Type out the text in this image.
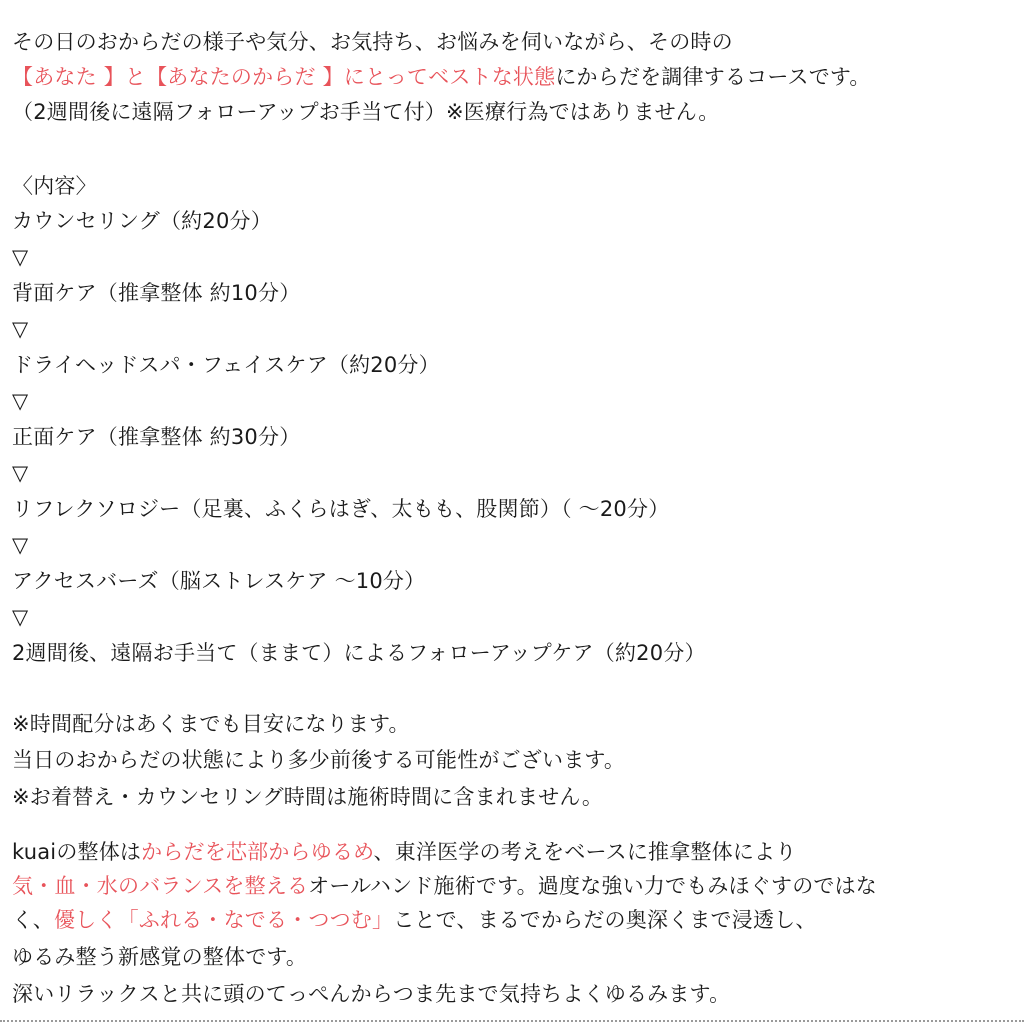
その日のおからだの様子や気分、お気持ち、お悩みを伺いながら、その時の
【あなた 】と【あなたのからだ 】にとってベストな状態にからだを調律するコースです。
（2週間後に遠隔フォローアップお手当て付）※医療行為ではありません。
〈内容〉
カウンセリング（約20分）
▽
背面ケア（推拿整体 約10分）
▽
ドライヘッドスパ・フェイスケア（約20分）
▽
正面ケア（推拿整体 約30分）
▽
リフレクソロジー（足裏、ふくらはぎ、太もも、股関節）（ ～20分）
▽
アクセスバーズ（脳ストレスケア ～10分）
▽
2週間後、遠隔お手当て（ままて）によるフォローアップケア（約20分）
※時間配分はあくまでも目安になります。
当日のおからだの状態により多少前後する可能性がございます。
※お着替え・カウンセリング時間は施術時間に含まれません。
kuaiの整体はからだを芯部からゆるめ、東洋医学の考えをベースに推拿整体により
気・血・水のバランスを整えるオールハンド施術です。過度な強い力でもみほぐすのではな
く、優しく「ふれる・なでる・つつむ」ことで、まるでからだの奥深くまで浸透し、
ゆるみ整う新感覚の整体です。
深いリラックスと共に頭のてっぺんからつま先まで気持ちよくゆるみます。
